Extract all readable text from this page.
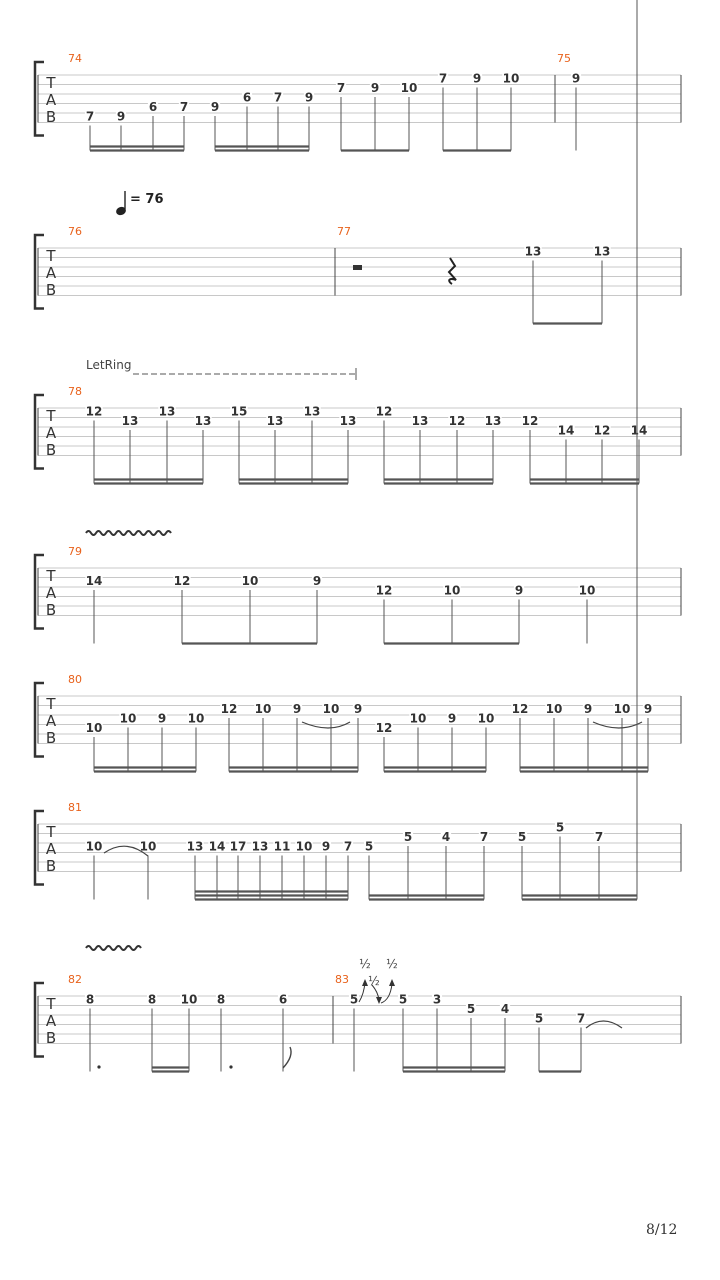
T
A
B
74	75
7 9
6 7 9
6 7 9
7 9 10
7 9 10	9
T
A
B
76	77
13	13
= 76
T
A
B
78
12
13
13
13
15
13
13
13
12
13 12 13 12
14 12 14
LetRing
T
A
B
79
14	12	10	9
12	10	9	10
T
A
B
80
10
10 9 10
12 10 9 10 9
12
10 9 10
12 10 9 10 9
T
A
B
81
10	10	13 14 17 13 11 10 9 7 5
5 4 7 5
5
7
T
A
B
82	83
8	8 10 8	6	5	5 3
5 4
5	7
½ ½
½
8/12
